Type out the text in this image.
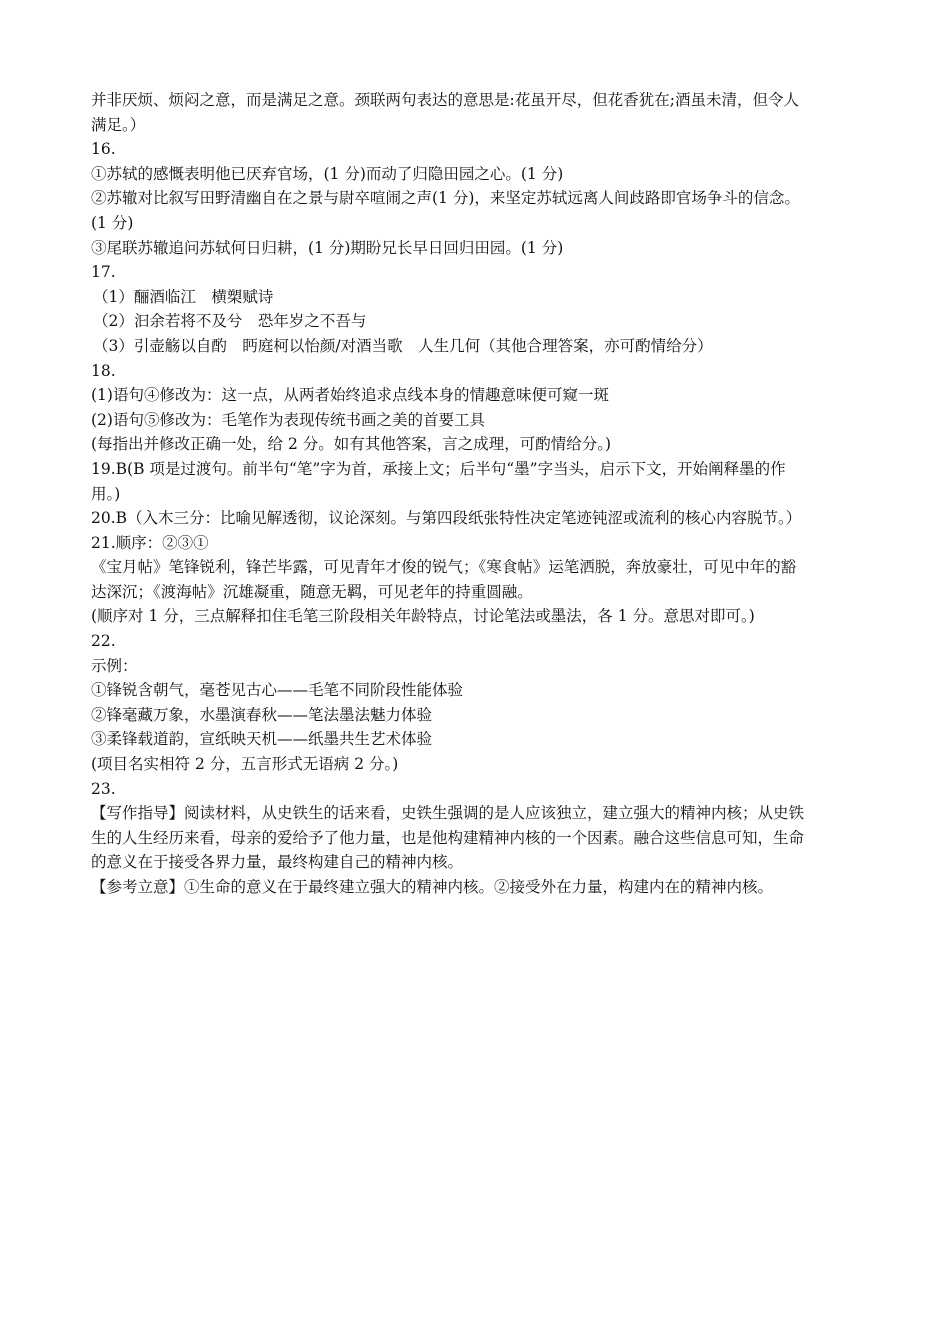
并非厌烦、烦闷之意，而是满足之意。颈联两句表达的意思是:花虽开尽，但花香犹在;酒虽未清，但令人

满足。）

16.

①苏轼的感慨表明他已厌弃官场，(1 分)而动了归隐田园之心。(1 分)

②苏辙对比叙写田野清幽自在之景与尉卒喧闹之声(1 分)，来坚定苏轼远离人间歧路即官场争斗的信念。

(1 分)

③尾联苏辙追问苏轼何日归耕，(1 分)期盼兄长早日回归田园。(1 分)

17.

（1）酾酒临江　横槊赋诗

（2）汩余若将不及兮　恐年岁之不吾与

（3）引壶觞以自酌　眄庭柯以怡颜/对酒当歌　人生几何（其他合理答案，亦可酌情给分）

18.

(1)语句④修改为：这一点，从两者始终追求点线本身的情趣意味便可窥一斑

(2)语句⑤修改为：毛笔作为表现传统书画之美的首要工具

(每指出并修改正确一处，给 2 分。如有其他答案，言之成理，可酌情给分。)

19.B(B 项是过渡句。前半句“笔”字为首，承接上文；后半句“墨”字当头，启示下文，开始阐释墨的作

用。)

20.B（入木三分：比喻见解透彻，议论深刻。与第四段纸张特性决定笔迹钝涩或流利的核心内容脱节。）

21.顺序：②③①

《宝月帖》笔锋锐利，锋芒毕露，可见青年才俊的锐气；《寒食帖》运笔洒脱，奔放豪壮，可见中年的豁

达深沉；《渡海帖》沉雄凝重，随意无羁，可见老年的持重圆融。

(顺序对 1 分，三点解释扣住毛笔三阶段相关年龄特点，讨论笔法或墨法，各 1 分。意思对即可。)

22.

示例：

①锋锐含朝气，毫苍见古心——毛笔不同阶段性能体验

②锋毫藏万象，水墨演春秋——笔法墨法魅力体验

③柔锋载道韵，宣纸映天机——纸墨共生艺术体验

(项目名实相符 2 分，五言形式无语病 2 分。)

23.

【写作指导】阅读材料，从史铁生的话来看，史铁生强调的是人应该独立，建立强大的精神内核；从史铁

生的人生经历来看，母亲的爱给予了他力量，也是他构建精神内核的一个因素。融合这些信息可知，生命

的意义在于接受各界力量，最终构建自己的精神内核。

【参考立意】①生命的意义在于最终建立强大的精神内核。②接受外在力量，构建内在的精神内核。
